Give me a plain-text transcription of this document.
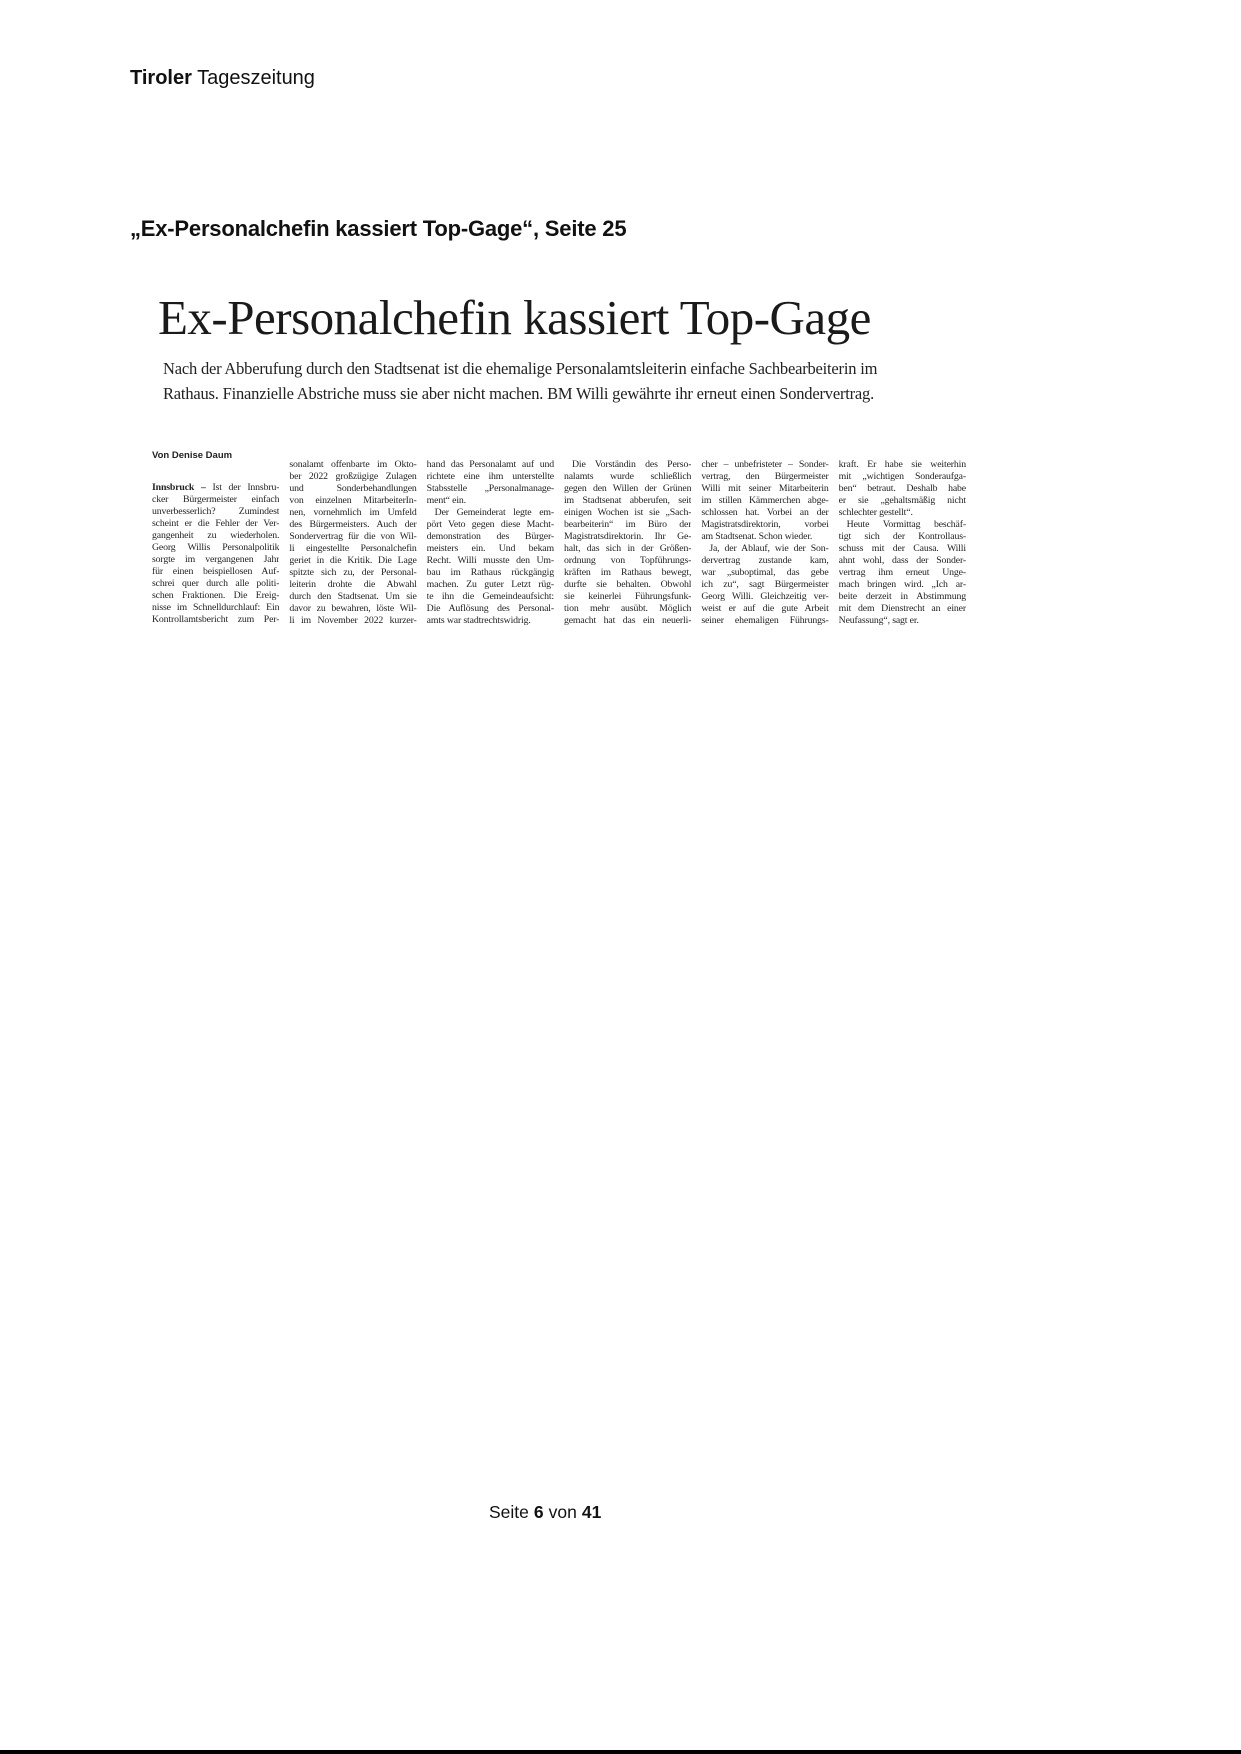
Tiroler Tageszeitung
„Ex-Personalchefin kassiert Top-Gage“, Seite 25
Ex-Personalchefin kassiert Top-Gage
Nach der Abberufung durch den Stadtsenat ist die ehemalige Personalamtsleiterin einfache Sachbearbeiterin im
Rathaus. Finanzielle Abstriche muss sie aber nicht machen. BM Willi gewährte ihr erneut einen Sondervertrag.
Von Denise Daum
Innsbruck – Ist der Innsbru-
cker Bürgermeister einfach
unverbesserlich? Zumindest
scheint er die Fehler der Ver-
gangenheit zu wiederholen.
Georg Willis Personalpolitik
sorgte im vergangenen Jahr
für einen beispiellosen Auf-
schrei quer durch alle politi-
schen Fraktionen. Die Ereig-
nisse im Schnelldurchlauf: Ein
Kontrollamtsbericht zum Per-
sonalamt offenbarte im Okto-
ber 2022 großzügige Zulagen
und Sonderbehandlungen
von einzelnen MitarbeiterIn-
nen, vornehmlich im Umfeld
des Bürgermeisters. Auch der
Sondervertrag für die von Wil-
li eingestellte Personalchefin
geriet in die Kritik. Die Lage
spitzte sich zu, der Personal-
leiterin drohte die Abwahl
durch den Stadtsenat. Um sie
davor zu bewahren, löste Wil-
li im November 2022 kurzer-
hand das Personalamt auf und
richtete eine ihm unterstellte
Stabsstelle „Personalmanage-
ment“ ein.
Der Gemeinderat legte em-
pört Veto gegen diese Macht-
demonstration des Bürger-
meisters ein. Und bekam
Recht. Willi musste den Um-
bau im Rathaus rückgängig
machen. Zu guter Letzt rüg-
te ihn die Gemeindeaufsicht:
Die Auflösung des Personal-
amts war stadtrechtswidrig.
Die Vorständin des Perso-
nalamts wurde schließlich
gegen den Willen der Grünen
im Stadtsenat abberufen, seit
einigen Wochen ist sie „Sach-
bearbeiterin“ im Büro der
Magistratsdirektorin. Ihr Ge-
halt, das sich in der Größen-
ordnung von Topführungs-
kräften im Rathaus bewegt,
durfte sie behalten. Obwohl
sie keinerlei Führungsfunk-
tion mehr ausübt. Möglich
gemacht hat das ein neuerli-
cher – unbefristeter – Sonder-
vertrag, den Bürgermeister
Willi mit seiner Mitarbeiterin
im stillen Kämmerchen abge-
schlossen hat. Vorbei an der
Magistratsdirektorin, vorbei
am Stadtsenat. Schon wieder.
Ja, der Ablauf, wie der Son-
dervertrag zustande kam,
war „suboptimal, das gebe
ich zu“, sagt Bürgermeister
Georg Willi. Gleichzeitig ver-
weist er auf die gute Arbeit
seiner ehemaligen Führungs-
kraft. Er habe sie weiterhin
mit „wichtigen Sonderaufga-
ben“ betraut. Deshalb habe
er sie „gehaltsmäßig nicht
schlechter gestellt“.
Heute Vormittag beschäf-
tigt sich der Kontrollaus-
schuss mit der Causa. Willi
ahnt wohl, dass der Sonder-
vertrag ihm erneut Unge-
mach bringen wird. „Ich ar-
beite derzeit in Abstimmung
mit dem Dienstrecht an einer
Neufassung“, sagt er.
Seite 6 von 41
